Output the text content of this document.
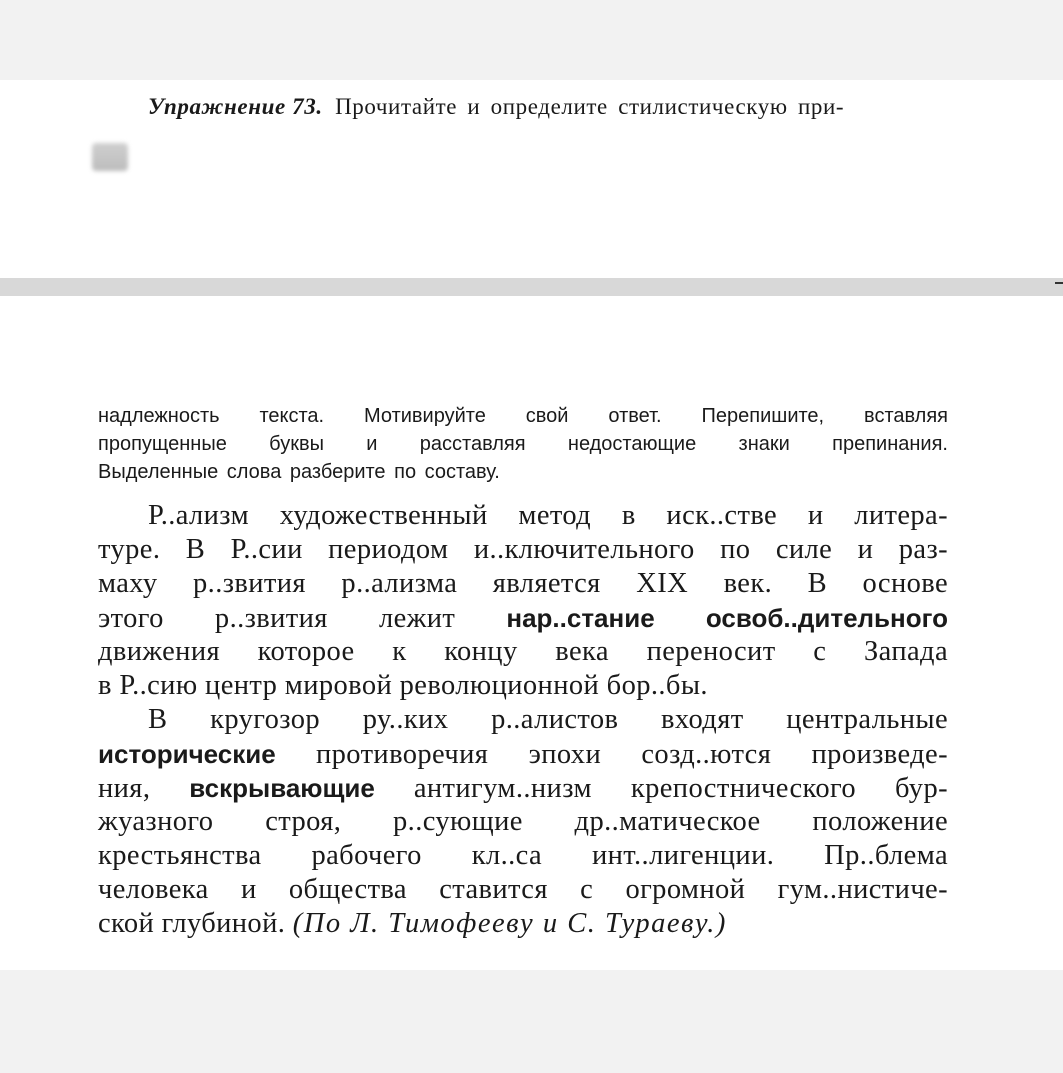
Упражнение 73. Прочитайте и определите стилистическую при-
надлежность текста. Мотивируйте свой ответ. Перепишите, вставляя
пропущенные буквы и расставляя недостающие знаки препинания.
Выделенные слова разберите по составу.
Р..ализм художественный метод в иск..стве и литера-
туре. В Р..сии периодом и..ключительного по силе и раз-
маху р..звития р..ализма является XIX век. В основе
этого р..звития лежит нар..стание освоб..дительного
движения которое к концу века переносит с Запада
в Р..сию центр мировой революционной бор..бы.
В кругозор ру..ких р..алистов входят центральные
исторические противоречия эпохи созд..ются произведе-
ния, вскрывающие антигум..низм крепостнического бур-
жуазного строя, р..сующие др..матическое положение
крестьянства рабочего кл..са инт..лигенции. Пр..блема
человека и общества ставится с огромной гум..нистиче-
ской глубиной. (По Л. Тимофееву и С. Тураеву.)
